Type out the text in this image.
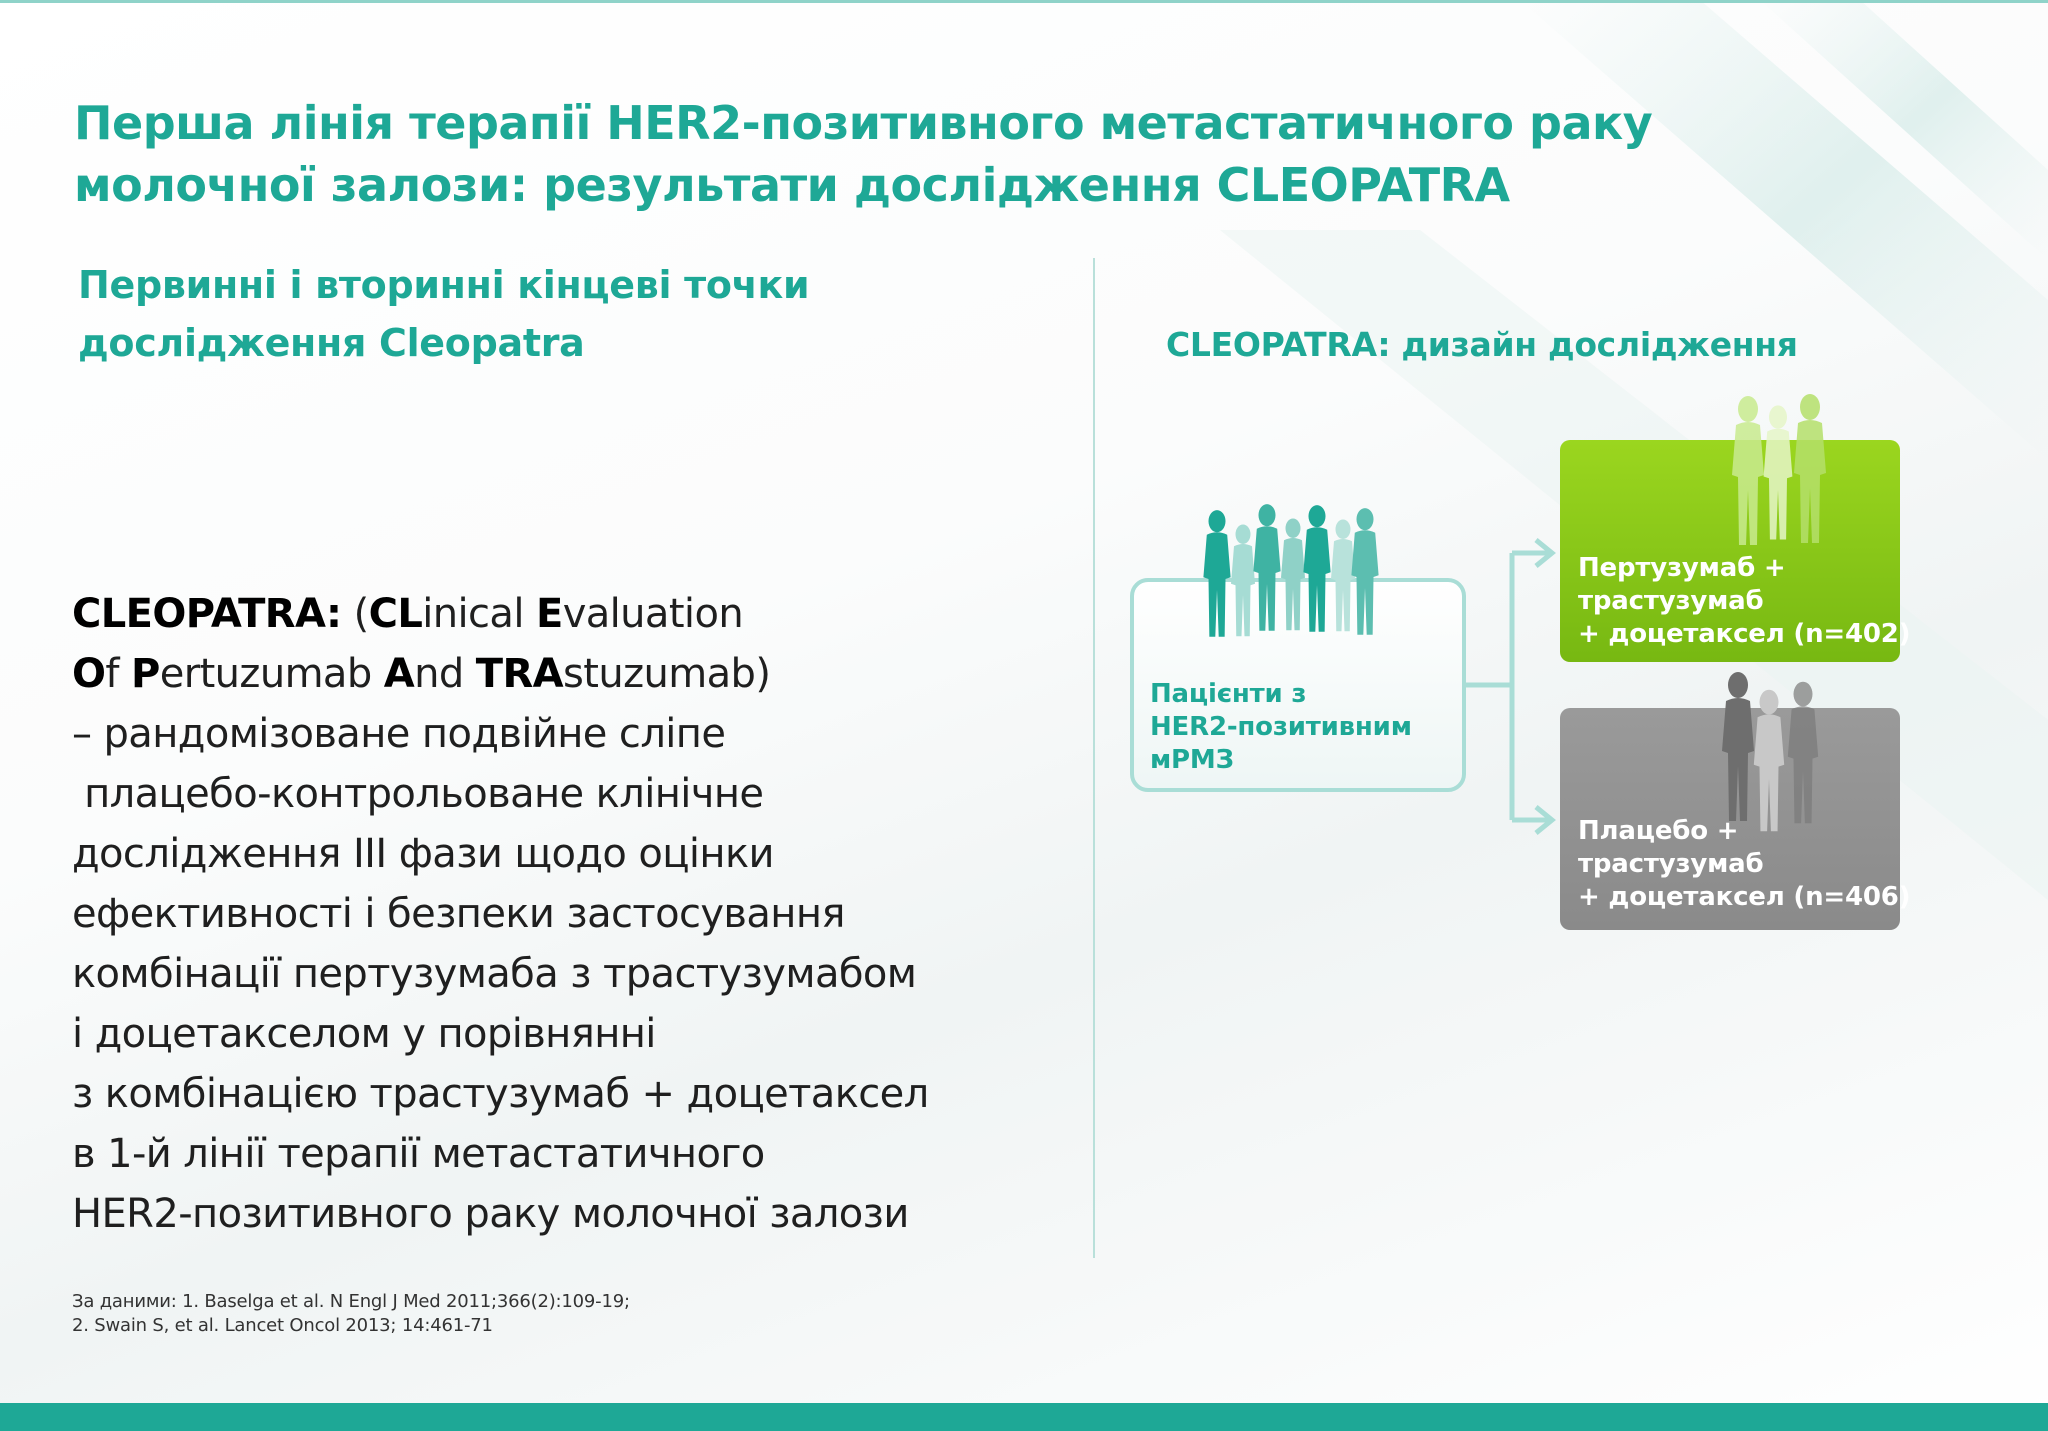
Перша лінія терапії HER2-позитивного метастатичного раку
молочної залози: результати дослідження CLEOPATRA
Первинні і вторинні кінцеві точки
дослідження Cleopatra
CLEOPATRA: (CLinical Evaluation
Of Pertuzumab And TRAstuzumab)
– рандомізоване подвійне сліпе
плацебо-контрольоване клінічне
дослідження III фази щодо оцінки
ефективності і безпеки застосування
комбінації пертузумаба з трастузумабом
і доцетакселом у порівнянні
з комбінацією трастузумаб + доцетаксел
в 1-й лінії терапії метастатичного
HER2-позитивного раку молочної залози
За даними: 1. Baselga et al. N Engl J Med 2011;366(2):109-19;
2. Swain S, et al. Lancet Oncol 2013; 14:461-71
CLEOPATRA: дизайн дослідження
Пацієнти з
HER2-позитивним
мРМЗ
Пертузумаб +
трастузумаб
+ доцетаксел (n=402)
Плацебо +
трастузумаб
+ доцетаксел (n=406)
